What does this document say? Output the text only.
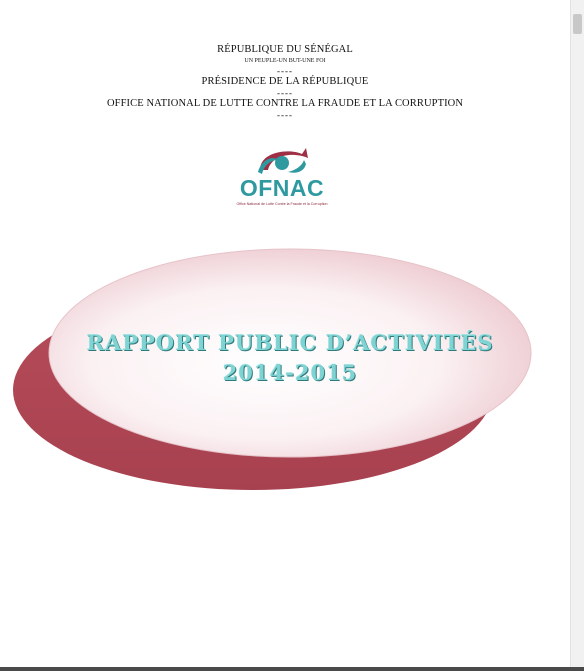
RÉPUBLIQUE DU SÉNÉGAL
UN PEUPLE-UN BUT-UNE FOI
----
PRÉSIDENCE DE LA RÉPUBLIQUE
----
OFFICE NATIONAL DE LUTTE CONTRE LA FRAUDE ET LA CORRUPTION
----
OFNAC
Office National de Lutte Contre la Fraude et la Corruption
RAPPORT PUBLIC D’ACTIVITÉS
2014-2015
